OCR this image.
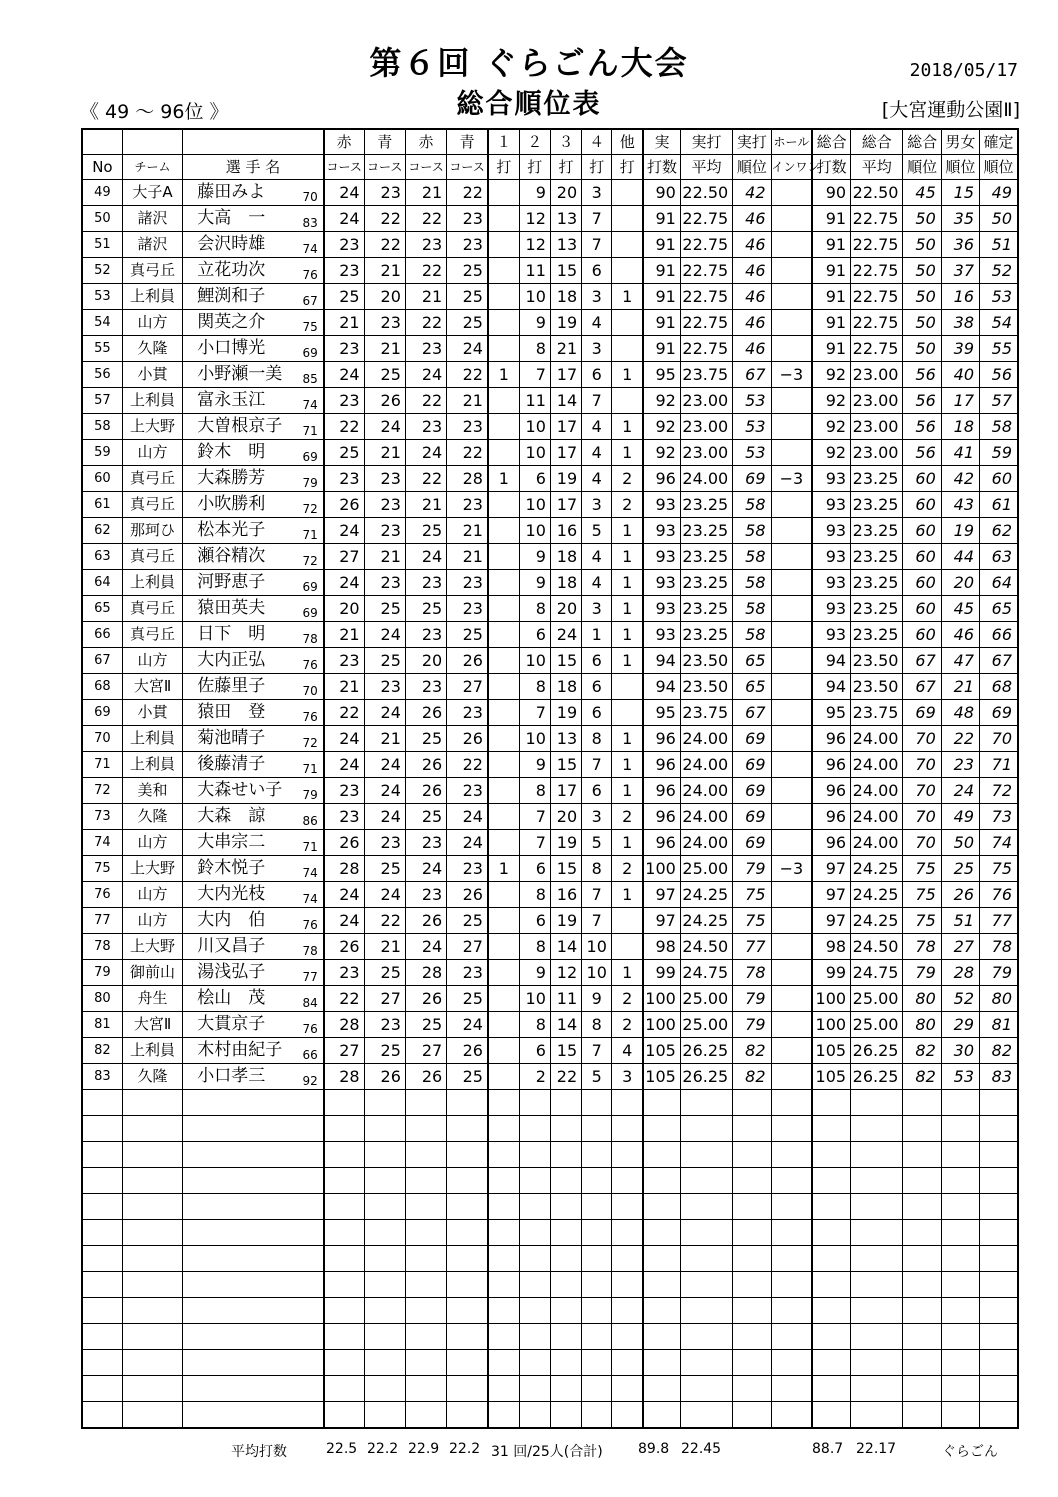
第６回 ぐらごん大会
総合順位表
2018/05/17
《 49 ～ 96位 》	[大宮運動公園Ⅱ]
			赤	青	赤	青	１	２	３	４	他	実	実打	実打	ホール	総合	総合	総合	男女	確定
No	チーム	選 手 名	コース	コース	コース	コース	打	打	打	打	打	打数	平均	順位	インワン	打数	平均	順位	順位	順位
49	大子A	藤田みよ 70	24	23	21	22		9	20	3		90	22.50	42		90	22.50	45	15	49
50	諸沢	大高　一 83	24	22	22	23		12	13	7		91	22.75	46		91	22.75	50	35	50
51	諸沢	会沢時雄 74	23	22	23	23		12	13	7		91	22.75	46		91	22.75	50	36	51
52	真弓丘	立花功次 76	23	21	22	25		11	15	6		91	22.75	46		91	22.75	50	37	52
53	上利員	鯉渕和子 67	25	20	21	25		10	18	3	1	91	22.75	46		91	22.75	50	16	53
54	山方	関英之介 75	21	23	22	25		9	19	4		91	22.75	46		91	22.75	50	38	54
55	久隆	小口博光 69	23	21	23	24		8	21	3		91	22.75	46		91	22.75	50	39	55
56	小貫	小野瀬一美 85	24	25	24	22	1	7	17	6	1	95	23.75	67	−3	92	23.00	56	40	56
57	上利員	富永玉江 74	23	26	22	21		11	14	7		92	23.00	53		92	23.00	56	17	57
58	上大野	大曽根京子 71	22	24	23	23		10	17	4	1	92	23.00	53		92	23.00	56	18	58
59	山方	鈴木　明 69	25	21	24	22		10	17	4	1	92	23.00	53		92	23.00	56	41	59
60	真弓丘	大森勝芳 79	23	23	22	28	1	6	19	4	2	96	24.00	69	−3	93	23.25	60	42	60
61	真弓丘	小吹勝利 72	26	23	21	23		10	17	3	2	93	23.25	58		93	23.25	60	43	61
62	那珂ひ	松本光子 71	24	23	25	21		10	16	5	1	93	23.25	58		93	23.25	60	19	62
63	真弓丘	瀬谷精次 72	27	21	24	21		9	18	4	1	93	23.25	58		93	23.25	60	44	63
64	上利員	河野恵子 69	24	23	23	23		9	18	4	1	93	23.25	58		93	23.25	60	20	64
65	真弓丘	猿田英夫 69	20	25	25	23		8	20	3	1	93	23.25	58		93	23.25	60	45	65
66	真弓丘	日下　明 78	21	24	23	25		6	24	1	1	93	23.25	58		93	23.25	60	46	66
67	山方	大内正弘 76	23	25	20	26		10	15	6	1	94	23.50	65		94	23.50	67	47	67
68	大宮Ⅱ	佐藤里子 70	21	23	23	27		8	18	6		94	23.50	65		94	23.50	67	21	68
69	小貫	猿田　登 76	22	24	26	23		7	19	6		95	23.75	67		95	23.75	69	48	69
70	上利員	菊池晴子 72	24	21	25	26		10	13	8	1	96	24.00	69		96	24.00	70	22	70
71	上利員	後藤清子 71	24	24	26	22		9	15	7	1	96	24.00	69		96	24.00	70	23	71
72	美和	大森せい子 79	23	24	26	23		8	17	6	1	96	24.00	69		96	24.00	70	24	72
73	久隆	大森　諒 86	23	24	25	24		7	20	3	2	96	24.00	69		96	24.00	70	49	73
74	山方	大串宗二 71	26	23	23	24		7	19	5	1	96	24.00	69		96	24.00	70	50	74
75	上大野	鈴木悦子 74	28	25	24	23	1	6	15	8	2	100	25.00	79	−3	97	24.25	75	25	75
76	山方	大内光枝 74	24	24	23	26		8	16	7	1	97	24.25	75		97	24.25	75	26	76
77	山方	大内　伯 76	24	22	26	25		6	19	7		97	24.25	75		97	24.25	75	51	77
78	上大野	川又昌子 78	26	21	24	27		8	14	10		98	24.50	77		98	24.50	78	27	78
79	御前山	湯浅弘子 77	23	25	28	23		9	12	10	1	99	24.75	78		99	24.75	79	28	79
80	舟生	桧山　茂 84	22	27	26	25		10	11	9	2	100	25.00	79		100	25.00	80	52	80
81	大宮Ⅱ	大貫京子 76	28	23	25	24		8	14	8	2	100	25.00	79		100	25.00	80	29	81
82	上利員	木村由紀子 66	27	25	27	26		6	15	7	4	105	26.25	82		105	26.25	82	30	82
83	久隆	小口孝三 92	28	26	26	25		2	22	5	3	105	26.25	82		105	26.25	82	53	83

平均打数	22.5 22.2 22.9 22.2 31 回/25人(合計)	89.8 22.45	88.7 22.17	ぐらごん
